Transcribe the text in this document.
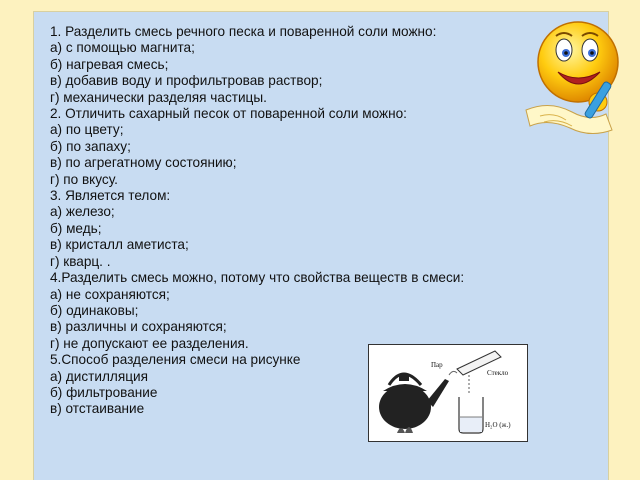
1. Разделить смесь речного песка и поваренной соли можно:
а) с помощью магнита;
б) нагревая смесь;
в) добавив воду и профильтровав раствор;
г) механически разделяя частицы.
2. Отличить сахарный песок от поваренной соли можно:
а) по цвету;
б) по запаху;
в) по агрегатному состоянию;
г) по вкусу.
3. Является телом:
а) железо;
б) медь;
в) кристалл аметиста;
г) кварц. .
4.Разделить смесь можно, потому что свойства веществ в смеси:
а) не сохраняются;
б) одинаковы;
в) различны и сохраняются;
г) не допускают ее разделения.
5.Способ разделения смеси на рисунке
а) дистилляция
б) фильтрование
в) отстаивание
Пар
Стекло
H₂O (ж.)
